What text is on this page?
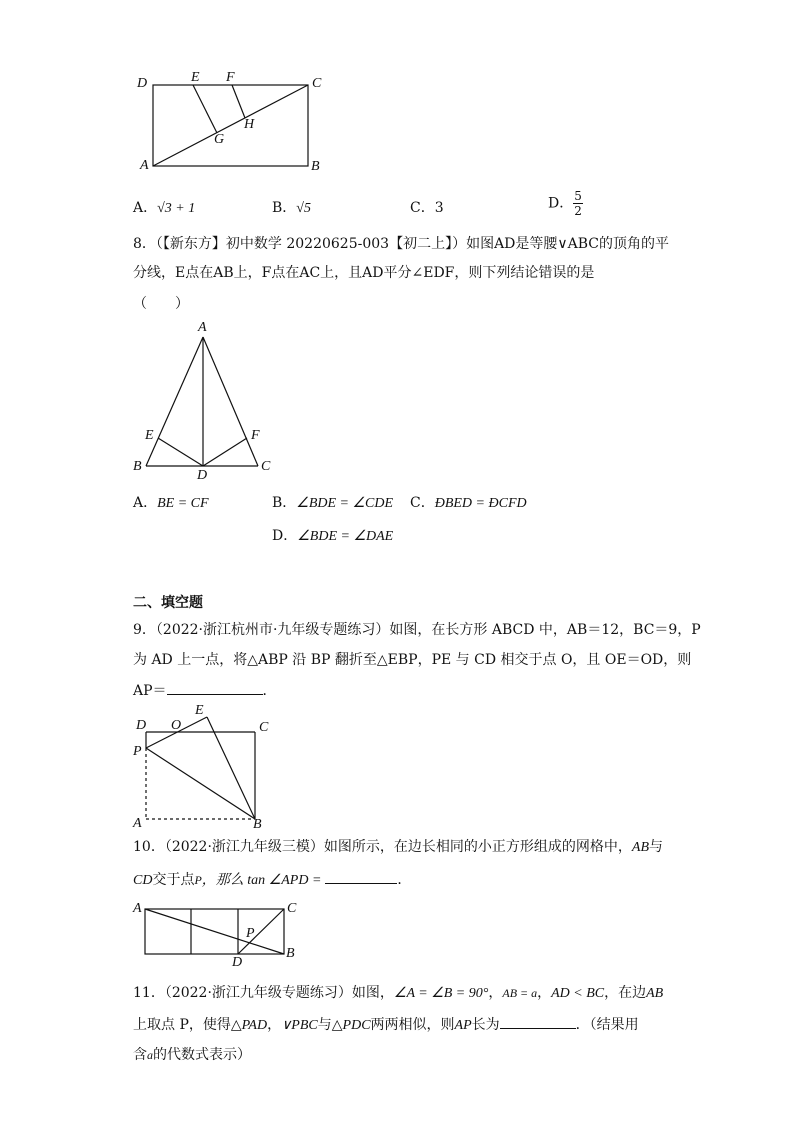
D	E F	C
G
H
A	B
A．√3 + 1	B．√5	C．3	D． $\frac{5}{2}$
8．（【新东方】初中数学 20220625-003【初二上】）如图AD是等腰∨ABC的顶角的平
分线，E点在AB上，F点在AC上，且AD平分∠EDF，则下列结论错误的是
（　　）
A
E	F
B
D
C
A．BE = CF	B．∠BDE = ∠CDE C．ÐBED = ÐCFD
D．∠BDE = ∠DAE
二、填空题
9．（2022·浙江杭州市·九年级专题练习）如图，在长方形 ABCD 中，AB＝12，BC＝9，P
为 AD 上一点，将△ABP 沿 BP 翻折至△EBP，PE 与 CD 相交于点 O，且 OE＝OD，则
AP＝	．
D O
E
C
P
A	B
10．（2022·浙江九年级三模）如图所示，在边长相同的小正方形组成的网格中，AB与
CD交于点P，那么 tan ∠APD =	．
A	C
P
B
D
11．（2022·浙江九年级专题练习）如图，∠A = ∠B = 90°，AB = a，AD < BC，在边AB
上取点 P，使得△PAD，∨PBC与△PDC两两相似，则AP长为	．（结果用
含a的代数式表示）
